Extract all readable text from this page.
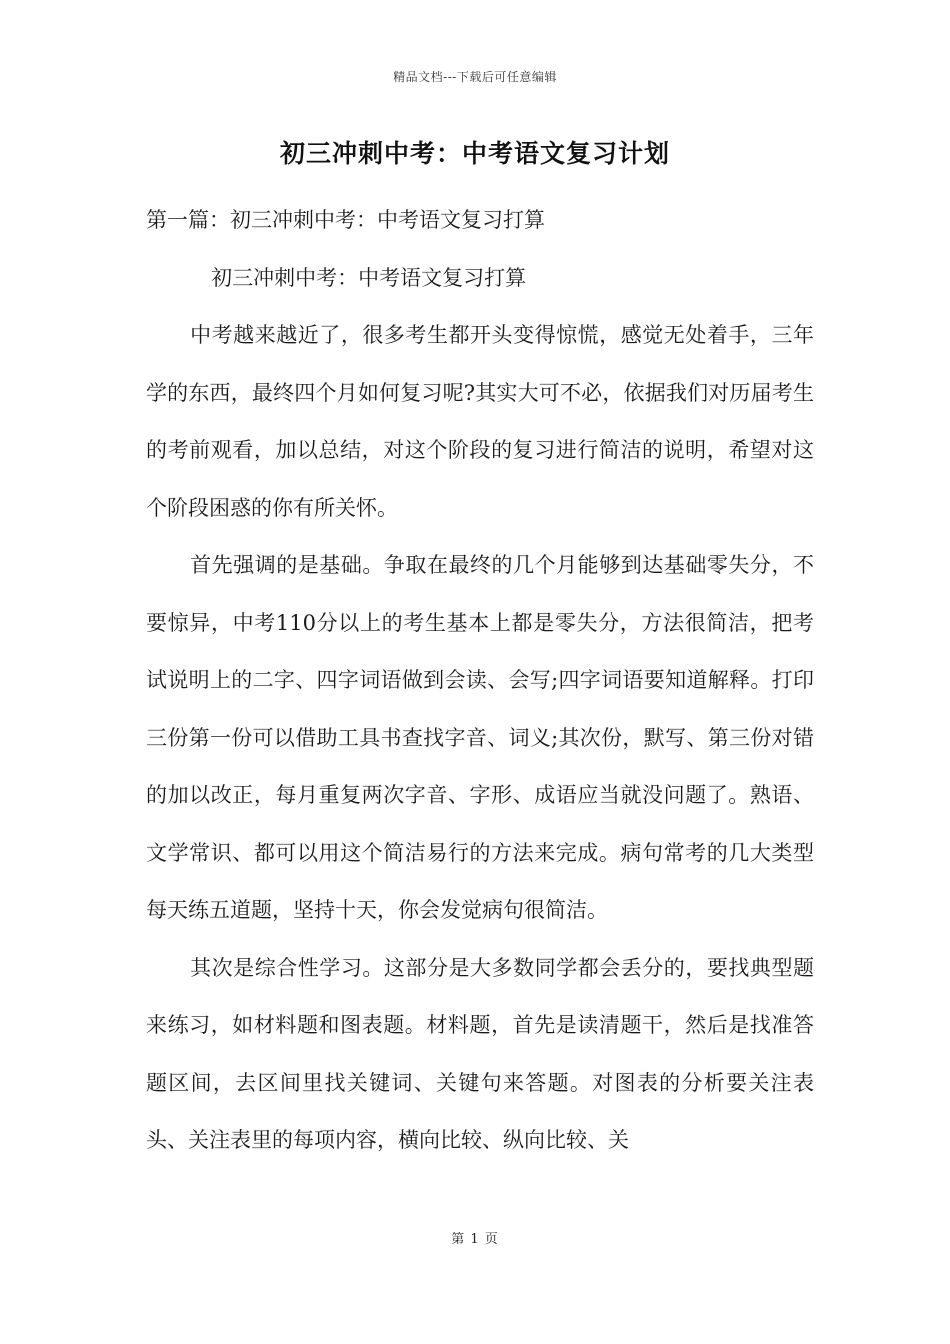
精品文档---下载后可任意编辑
初三冲刺中考：中考语文复习计划

第一篇：初三冲刺中考：中考语文复习打算

初三冲刺中考：中考语文复习打算

中考越来越近了，很多考生都开头变得惊慌，感觉无处着手，三年学的东西，最终四个月如何复习呢?其实大可不必，依据我们对历届考生的考前观看，加以总结，对这个阶段的复习进行简洁的说明，希望对这个阶段困惑的你有所关怀。

首先强调的是基础。争取在最终的几个月能够到达基础零失分，不要惊异，中考110分以上的考生基本上都是零失分，方法很简洁，把考试说明上的二字、四字词语做到会读、会写;四字词语要知道解释。打印三份第一份可以借助工具书查找字音、词义;其次份，默写、第三份对错的加以改正，每月重复两次字音、字形、成语应当就没问题了。熟语、文学常识、都可以用这个简洁易行的方法来完成。病句常考的几大类型每天练五道题，坚持十天，你会发觉病句很简洁。

其次是综合性学习。这部分是大多数同学都会丢分的，要找典型题来练习，如材料题和图表题。材料题，首先是读清题干，然后是找准答题区间，去区间里找关键词、关键句来答题。对图表的分析要关注表头、关注表里的每项内容，横向比较、纵向比较、关

第 1 页
